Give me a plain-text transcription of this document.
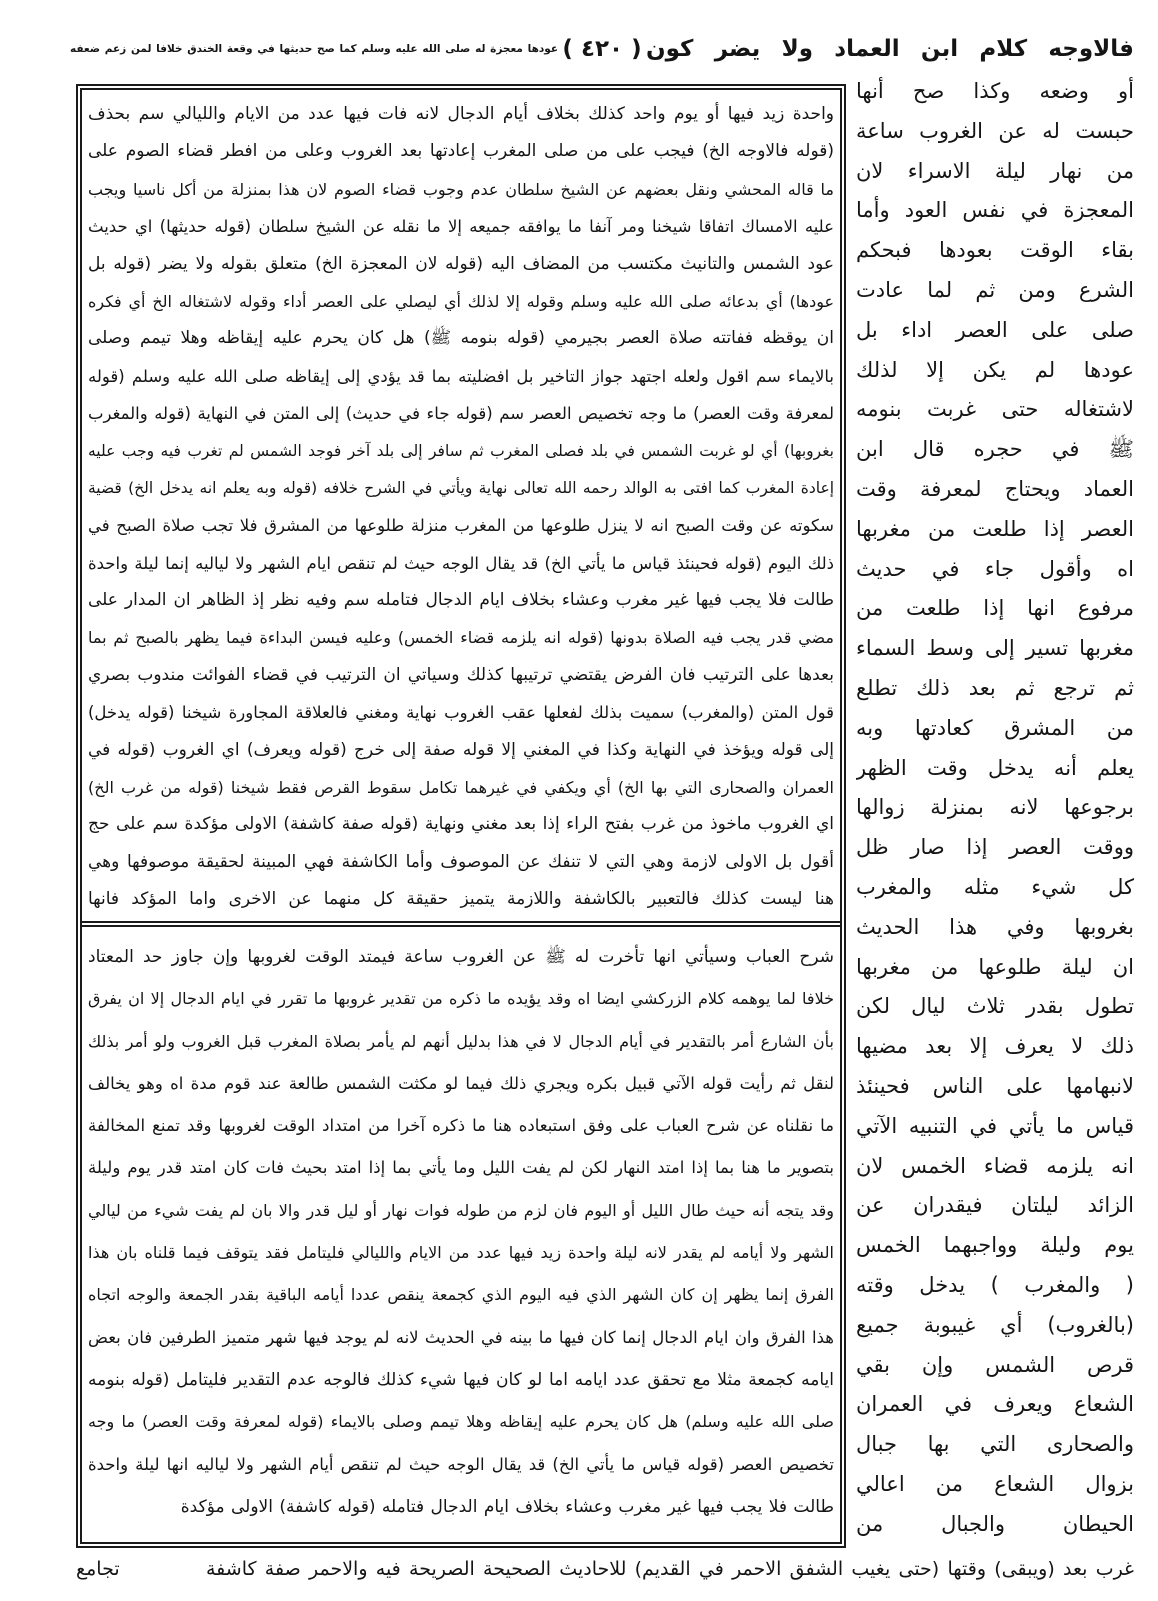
فالاوجه كلام ابن العماد ولا يضر كون
( ٤٢٠ )
عودها معجزة له صلى الله عليه وسلم كما صح حديثها في وقعة الخندق خلافا لمن زعم ضعفه
أو وضعه وكذا صح أنها
حبست له عن الغروب ساعة
من نهار ليلة الاسراء لان
المعجزة في نفس العود وأما
بقاء الوقت بعودها فبحكم
الشرع ومن ثم لما عادت
صلى على العصر اداء بل
عودها لم يكن إلا لذلك
لاشتغاله حتى غربت بنومه
ﷺ في حجره قال ابن
العماد ويحتاج لمعرفة وقت
العصر إذا طلعت من مغربها
اه وأقول جاء في حديث
مرفوع انها إذا طلعت من
مغربها تسير إلى وسط السماء
ثم ترجع ثم بعد ذلك تطلع
من المشرق كعادتها وبه
يعلم أنه يدخل وقت الظهر
برجوعها لانه بمنزلة زوالها
ووقت العصر إذا صار ظل
كل شيء مثله والمغرب
بغروبها وفي هذا الحديث
ان ليلة طلوعها من مغربها
تطول بقدر ثلاث ليال لكن
ذلك لا يعرف إلا بعد مضيها
لانبهامها على الناس فحينئذ
قياس ما يأتي في التنبيه الآتي
انه يلزمه قضاء الخمس لان
الزائد ليلتان فيقدران عن
يوم وليلة وواجبهما الخمس
( والمغرب ) يدخل وقته
(بالغروب) أي غيبوبة جميع
قرص الشمس وإن بقي
الشعاع ويعرف في العمران
والصحارى التي بها جبال
بزوال الشعاع من اعالي
الحيطان والجبال من
واحدة زيد فيها أو يوم واحد كذلك بخلاف أيام الدجال لانه فات فيها عدد من الايام والليالي سم بحذف
(قوله فالاوجه الخ) فيجب على من صلى المغرب إعادتها بعد الغروب وعلى من افطر قضاء الصوم على
ما قاله المحشي ونقل بعضهم عن الشيخ سلطان عدم وجوب قضاء الصوم لان هذا بمنزلة من أكل ناسيا ويجب
عليه الامساك اتفاقا شيخنا ومر آنفا ما يوافقه جميعه إلا ما نقله عن الشيخ سلطان (قوله حديثها) اي حديث
عود الشمس والتانيث مكتسب من المضاف اليه (قوله لان المعجزة الخ) متعلق بقوله ولا يضر (قوله بل
عودها) أي بدعائه صلى الله عليه وسلم وقوله إلا لذلك أي ليصلي على العصر أداء وقوله لاشتغاله الخ أي فكره
ان يوقظه ففاتته صلاة العصر بجيرمي (قوله بنومه ﷺ) هل كان يحرم عليه إيقاظه وهلا تيمم وصلى
بالايماء سم اقول ولعله اجتهد جواز التاخير بل افضليته بما قد يؤدي إلى إيقاظه صلى الله عليه وسلم (قوله
لمعرفة وقت العصر) ما وجه تخصيص العصر سم (قوله جاء في حديث) إلى المتن في النهاية (قوله والمغرب
بغروبها) أي لو غربت الشمس في بلد فصلى المغرب ثم سافر إلى بلد آخر فوجد الشمس لم تغرب فيه وجب عليه
إعادة المغرب كما افتى به الوالد رحمه الله تعالى نهاية ويأتي في الشرح خلافه (قوله وبه يعلم انه يدخل الخ) قضية
سكوته عن وقت الصبح انه لا ينزل طلوعها من المغرب منزلة طلوعها من المشرق فلا تجب صلاة الصبح في
ذلك اليوم (قوله فحينئذ قياس ما يأتي الخ) قد يقال الوجه حيث لم تنقص ايام الشهر ولا لياليه إنما ليلة واحدة
طالت فلا يجب فيها غير مغرب وعشاء بخلاف ايام الدجال فتامله سم وفيه نظر إذ الظاهر ان المدار على
مضي قدر يجب فيه الصلاة بدونها (قوله انه يلزمه قضاء الخمس) وعليه فيسن البداءة فيما يظهر بالصبح ثم بما
بعدها على الترتيب فان الفرض يقتضي ترتيبها كذلك وسياتي ان الترتيب في قضاء الفوائت مندوب بصري
قول المتن (والمغرب) سميت بذلك لفعلها عقب الغروب نهاية ومغني فالعلاقة المجاورة شيخنا (قوله يدخل)
إلى قوله ويؤخذ في النهاية وكذا في المغني إلا قوله صفة إلى خرج (قوله ويعرف) اي الغروب (قوله في
العمران والصحارى التي بها الخ) أي ويكفي في غيرهما تكامل سقوط القرص فقط شيخنا (قوله من غرب الخ)
اي الغروب ماخوذ من غرب بفتح الراء إذا بعد مغني ونهاية (قوله صفة كاشفة) الاولى مؤكدة سم على حج
أقول بل الاولى لازمة وهي التي لا تنفك عن الموصوف وأما الكاشفة فهي المبينة لحقيقة موصوفها وهي
هنا ليست كذلك فالتعبير بالكاشفة واللازمة يتميز حقيقة كل منهما عن الاخرى واما المؤكد فانها
شرح العباب وسيأتي انها تأخرت له ﷺ عن الغروب ساعة فيمتد الوقت لغروبها وإن جاوز حد المعتاد
خلافا لما يوهمه كلام الزركشي ايضا اه وقد يؤيده ما ذكره من تقدير غروبها ما تقرر في ايام الدجال إلا ان يفرق
بأن الشارع أمر بالتقدير في أيام الدجال لا في هذا بدليل أنهم لم يأمر بصلاة المغرب قبل الغروب ولو أمر بذلك
لنقل ثم رأيت قوله الآتي قبيل بكره ويجري ذلك فيما لو مكثت الشمس طالعة عند قوم مدة اه وهو يخالف
ما نقلناه عن شرح العباب على وفق استبعاده هنا ما ذكره آخرا من امتداد الوقت لغروبها وقد تمنع المخالفة
بتصوير ما هنا بما إذا امتد النهار لكن لم يفت الليل وما يأتي بما إذا امتد بحيث فات كان امتد قدر يوم وليلة
وقد يتجه أنه حيث طال الليل أو اليوم فان لزم من طوله فوات نهار أو ليل قدر والا بان لم يفت شيء من ليالي
الشهر ولا أيامه لم يقدر لانه ليلة واحدة زيد فيها عدد من الايام والليالي فليتامل فقد يتوقف فيما قلناه بان هذا
الفرق إنما يظهر إن كان الشهر الذي فيه اليوم الذي كجمعة ينقص عددا أيامه الباقية بقدر الجمعة والوجه اتجاه
هذا الفرق وان ايام الدجال إنما كان فيها ما بينه في الحديث لانه لم يوجد فيها شهر متميز الطرفين فان بعض
ايامه كجمعة مثلا مع تحقق عدد ايامه اما لو كان فيها شيء كذلك فالوجه عدم التقدير فليتامل (قوله بنومه
صلى الله عليه وسلم) هل كان يحرم عليه إيقاظه وهلا تيمم وصلى بالايماء (قوله لمعرفة وقت العصر) ما وجه
تخصيص العصر (قوله قياس ما يأتي الخ) قد يقال الوجه حيث لم تنقص أيام الشهر ولا لياليه انها ليلة واحدة
طالت فلا يجب فيها غير مغرب وعشاء بخلاف ايام الدجال فتامله (قوله كاشفة) الاولى مؤكدة
غرب بعد (ويبقى) وقتها (حتى يغيب الشفق الاحمر في القديم) للاحاديث الصحيحة الصريحة فيه والاحمر صفة كاشفة
تجامع
